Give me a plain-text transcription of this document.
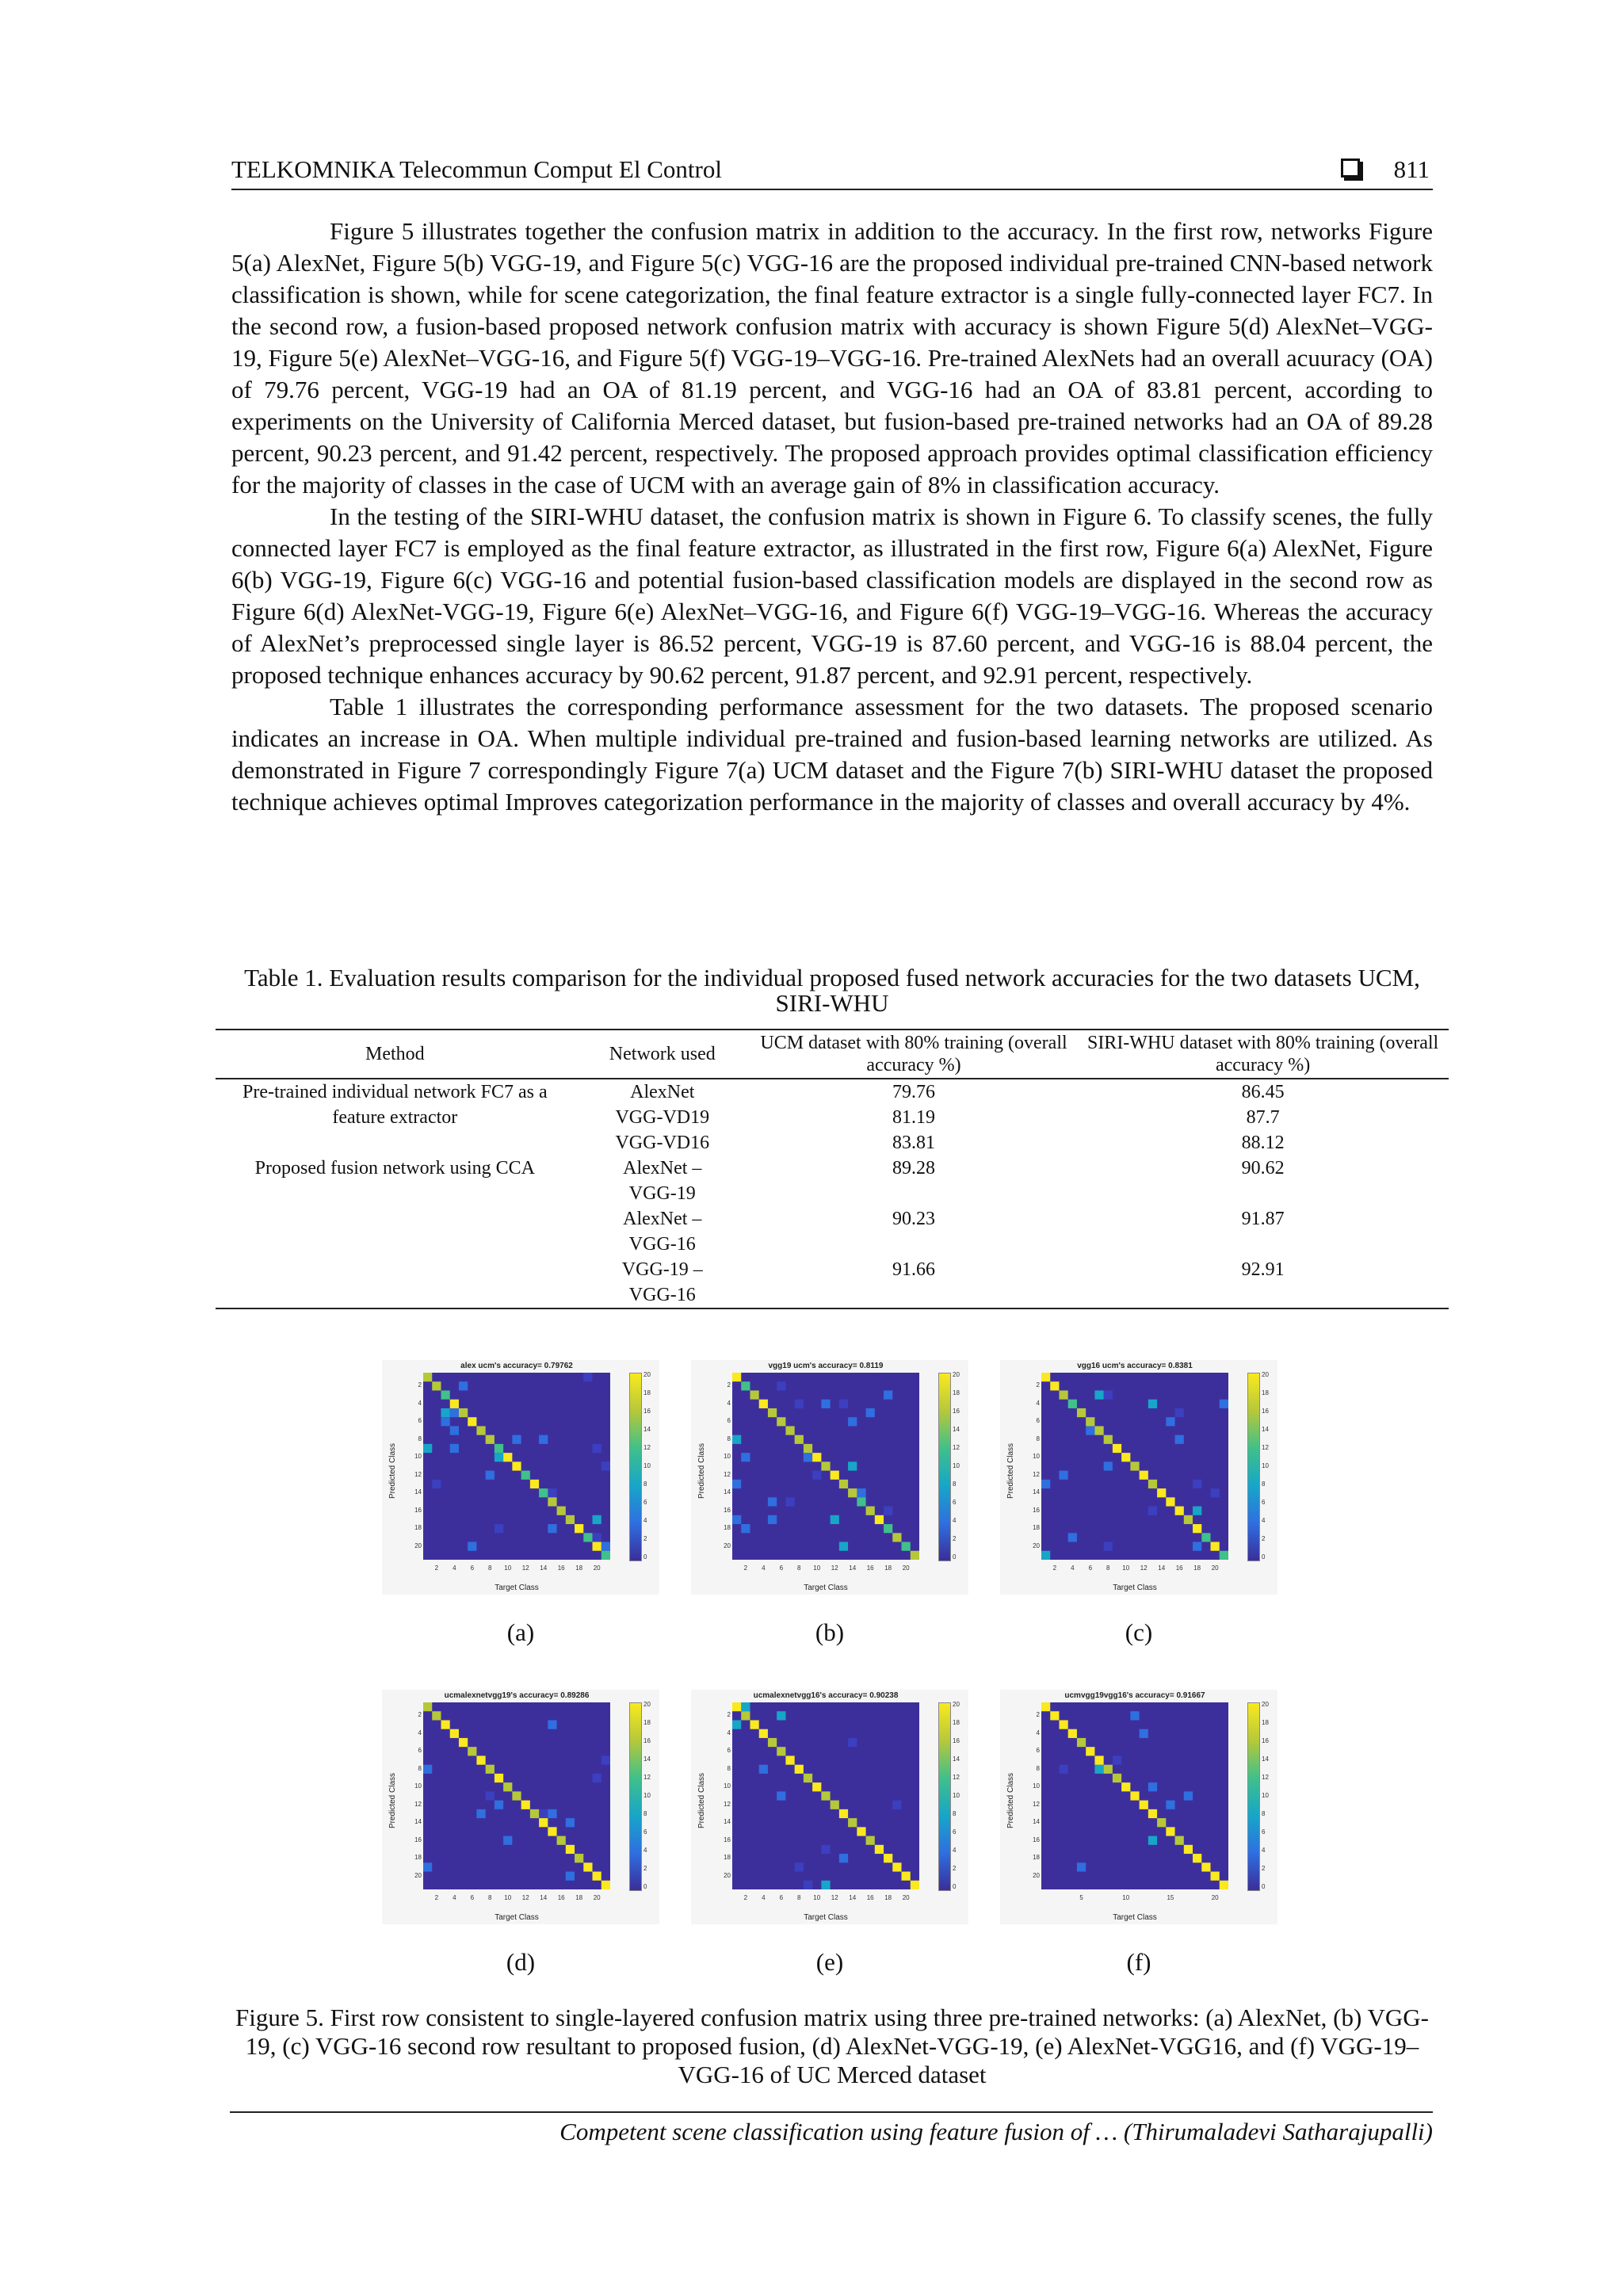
TELKOMNIKA Telecommun Comput El Control	811

Figure 5 illustrates together the confusion matrix in addition to the accuracy. In the first row, networks Figure 5(a) AlexNet, Figure 5(b) VGG-19, and Figure 5(c) VGG-16 are the proposed individual pre-trained CNN-based network classification is shown, while for scene categorization, the final feature extractor is a single fully-connected layer FC7. In the second row, a fusion-based proposed network confusion matrix with accuracy is shown Figure 5(d) AlexNet–VGG-19, Figure 5(e) AlexNet–VGG-16, and Figure 5(f) VGG-19–VGG-16. Pre-trained AlexNets had an overall acuuracy (OA) of 79.76 percent, VGG-19 had an OA of 81.19 percent, and VGG-16 had an OA of 83.81 percent, according to experiments on the University of California Merced dataset, but fusion-based pre-trained networks had an OA of 89.28 percent, 90.23 percent, and 91.42 percent, respectively. The proposed approach provides optimal classification efficiency for the majority of classes in the case of UCM with an average gain of 8% in classification accuracy.

In the testing of the SIRI-WHU dataset, the confusion matrix is shown in Figure 6. To classify scenes, the fully connected layer FC7 is employed as the final feature extractor, as illustrated in the first row, Figure 6(a) AlexNet, Figure 6(b) VGG-19, Figure 6(c) VGG-16 and potential fusion-based classification models are displayed in the second row as Figure 6(d) AlexNet-VGG-19, Figure 6(e) AlexNet–VGG-16, and Figure 6(f) VGG-19–VGG-16. Whereas the accuracy of AlexNet’s preprocessed single layer is 86.52 percent, VGG-19 is 87.60 percent, and VGG-16 is 88.04 percent, the proposed technique enhances accuracy by 90.62 percent, 91.87 percent, and 92.91 percent, respectively.

Table 1 illustrates the corresponding performance assessment for the two datasets. The proposed scenario indicates an increase in OA. When multiple individual pre-trained and fusion-based learning networks are utilized. As demonstrated in Figure 7 correspondingly Figure 7(a) UCM dataset and the Figure 7(b) SIRI-WHU dataset the proposed technique achieves optimal Improves categorization performance in the majority of classes and overall accuracy by 4%.

Table 1. Evaluation results comparison for the individual proposed fused network accuracies for the two datasets UCM, SIRI-WHU
Method	Network used	UCM dataset with 80% training (overall accuracy %)	SIRI-WHU dataset with 80% training (overall accuracy %)
Pre-trained individual network FC7 as a feature extractor	AlexNet	79.76	86.45
	VGG-VD19	81.19	87.7
	VGG-VD16	83.81	88.12
Proposed fusion network using CCA	AlexNet – VGG-19	89.28	90.62
	AlexNet – VGG-16	90.23	91.87
	VGG-19 – VGG-16	91.66	92.91
alex ucm's accuracy= 0.79762
20
18
16
14
12
10
8
6
4
2
0
2
4
6
8
10
12
14
16
18
20
2 4 6 8 10 12 14 16 18 20
Predicted Class
Target Class
vgg19 ucm's accuracy= 0.8119
20
18
16
14
12
10
8
6
4
2
0
2
4
6
8
10
12
14
16
18
20
2 4 6 8 10 12 14 16 18 20
Predicted Class
Target Class
vgg16 ucm's accuracy= 0.8381
20
18
16
14
12
10
8
6
4
2
0
2
4
6
8
10
12
14
16
18
20
2 4 6 8 10 12 14 16 18 20
Predicted Class
Target Class
ucmalexnetvgg19's accuracy= 0.89286
20
18
16
14
12
10
8
6
4
2
0
2
4
6
8
10
12
14
16
18
20
2 4 6 8 10 12 14 16 18 20
Predicted Class
Target Class
ucmalexnetvgg16's accuracy= 0.90238
20
18
16
14
12
10
8
6
4
2
0
2
4
6
8
10
12
14
16
18
20
2 4 6 8 10 12 14 16 18 20
Predicted Class
Target Class
ucmvgg19vgg16's accuracy= 0.91667
20
18
16
14
12
10
8
6
4
2
0
2
4
6
8
10
12
14
16
18
20
5	10	15	20
Predicted Class
Target Class
(a)	(b)	(c)
(d)	(e)	(f)
Figure 5. First row consistent to single-layered confusion matrix using three pre-trained networks: (a) AlexNet, (b) VGG-19, (c) VGG-16 second row resultant to proposed fusion, (d) AlexNet-VGG-19, (e) AlexNet-VGG16, and (f) VGG-19–VGG-16 of UC Merced dataset
Competent scene classification using feature fusion of … (Thirumaladevi Satharajupalli)
